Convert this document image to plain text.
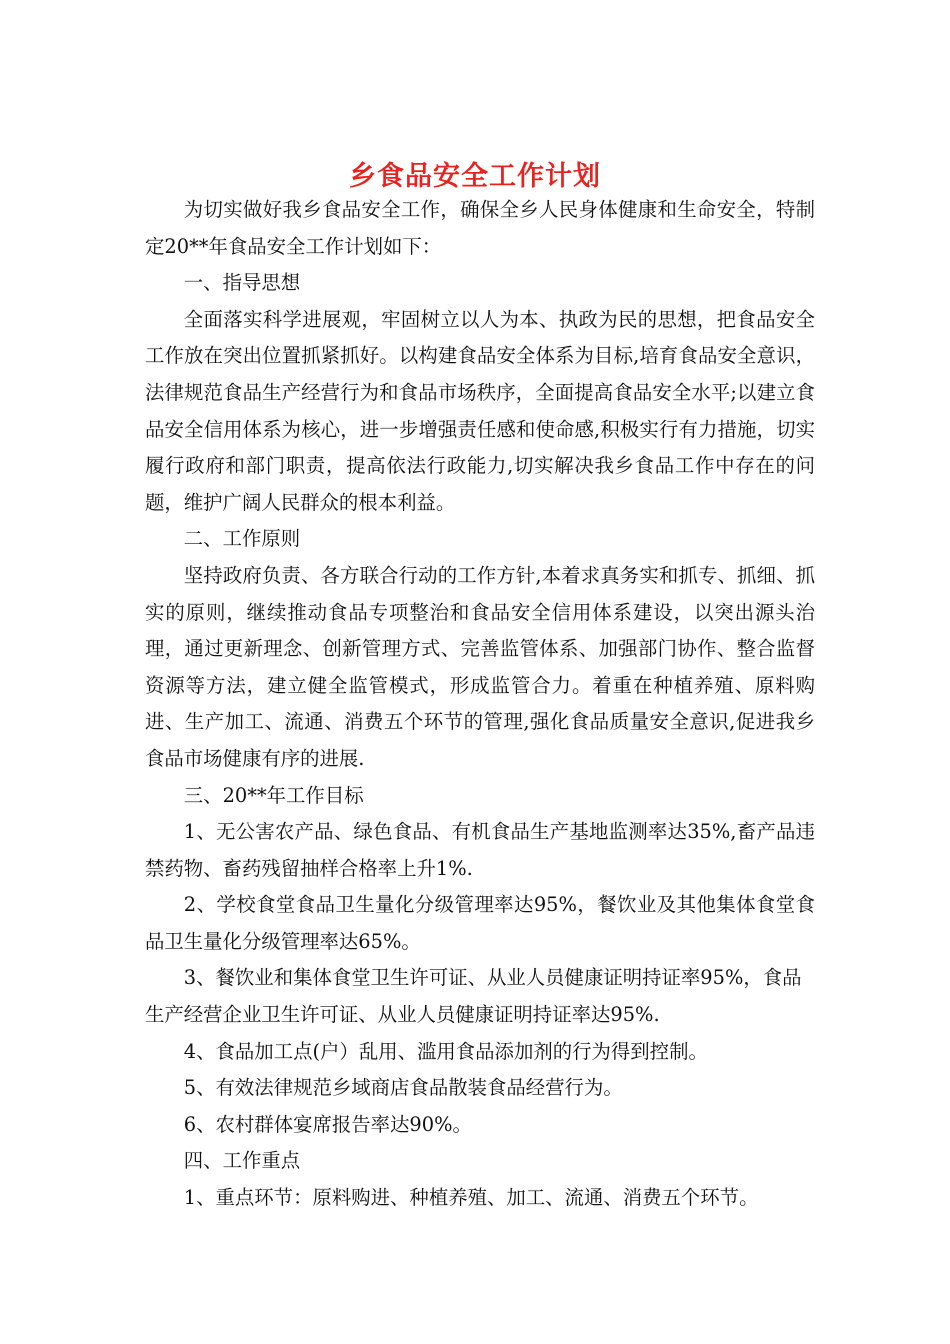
乡食品安全工作计划

为切实做好我乡食品安全工作，确保全乡人民身体健康和生命安全，特制定20**年食品安全工作计划如下：

一、指导思想

全面落实科学进展观，牢固树立以人为本、执政为民的思想，把食品安全工作放在突出位置抓紧抓好。以构建食品安全体系为目标,培育食品安全意识，法律规范食品生产经营行为和食品市场秩序，全面提高食品安全水平;以建立食品安全信用体系为核心，进一步增强责任感和使命感,积极实行有力措施，切实履行政府和部门职责，提高依法行政能力,切实解决我乡食品工作中存在的问题，维护广阔人民群众的根本利益。

二、工作原则

坚持政府负责、各方联合行动的工作方针,本着求真务实和抓专、抓细、抓实的原则，继续推动食品专项整治和食品安全信用体系建设，以突出源头治理，通过更新理念、创新管理方式、完善监管体系、加强部门协作、整合监督资源等方法，建立健全监管模式，形成监管合力。着重在种植养殖、原料购进、生产加工、流通、消费五个环节的管理,强化食品质量安全意识,促进我乡食品市场健康有序的进展.

三、20**年工作目标

1、无公害农产品、绿色食品、有机食品生产基地监测率达35%,畜产品违禁药物、畜药残留抽样合格率上升1%.

2、学校食堂食品卫生量化分级管理率达95%，餐饮业及其他集体食堂食品卫生量化分级管理率达65%。

3、餐饮业和集体食堂卫生许可证、从业人员健康证明持证率95%，食品生产经营企业卫生许可证、从业人员健康证明持证率达95%.

4、食品加工点(户）乱用、滥用食品添加剂的行为得到控制。

5、有效法律规范乡域商店食品散装食品经营行为。

6、农村群体宴席报告率达90%。

四、工作重点

1、重点环节：原料购进、种植养殖、加工、流通、消费五个环节。
